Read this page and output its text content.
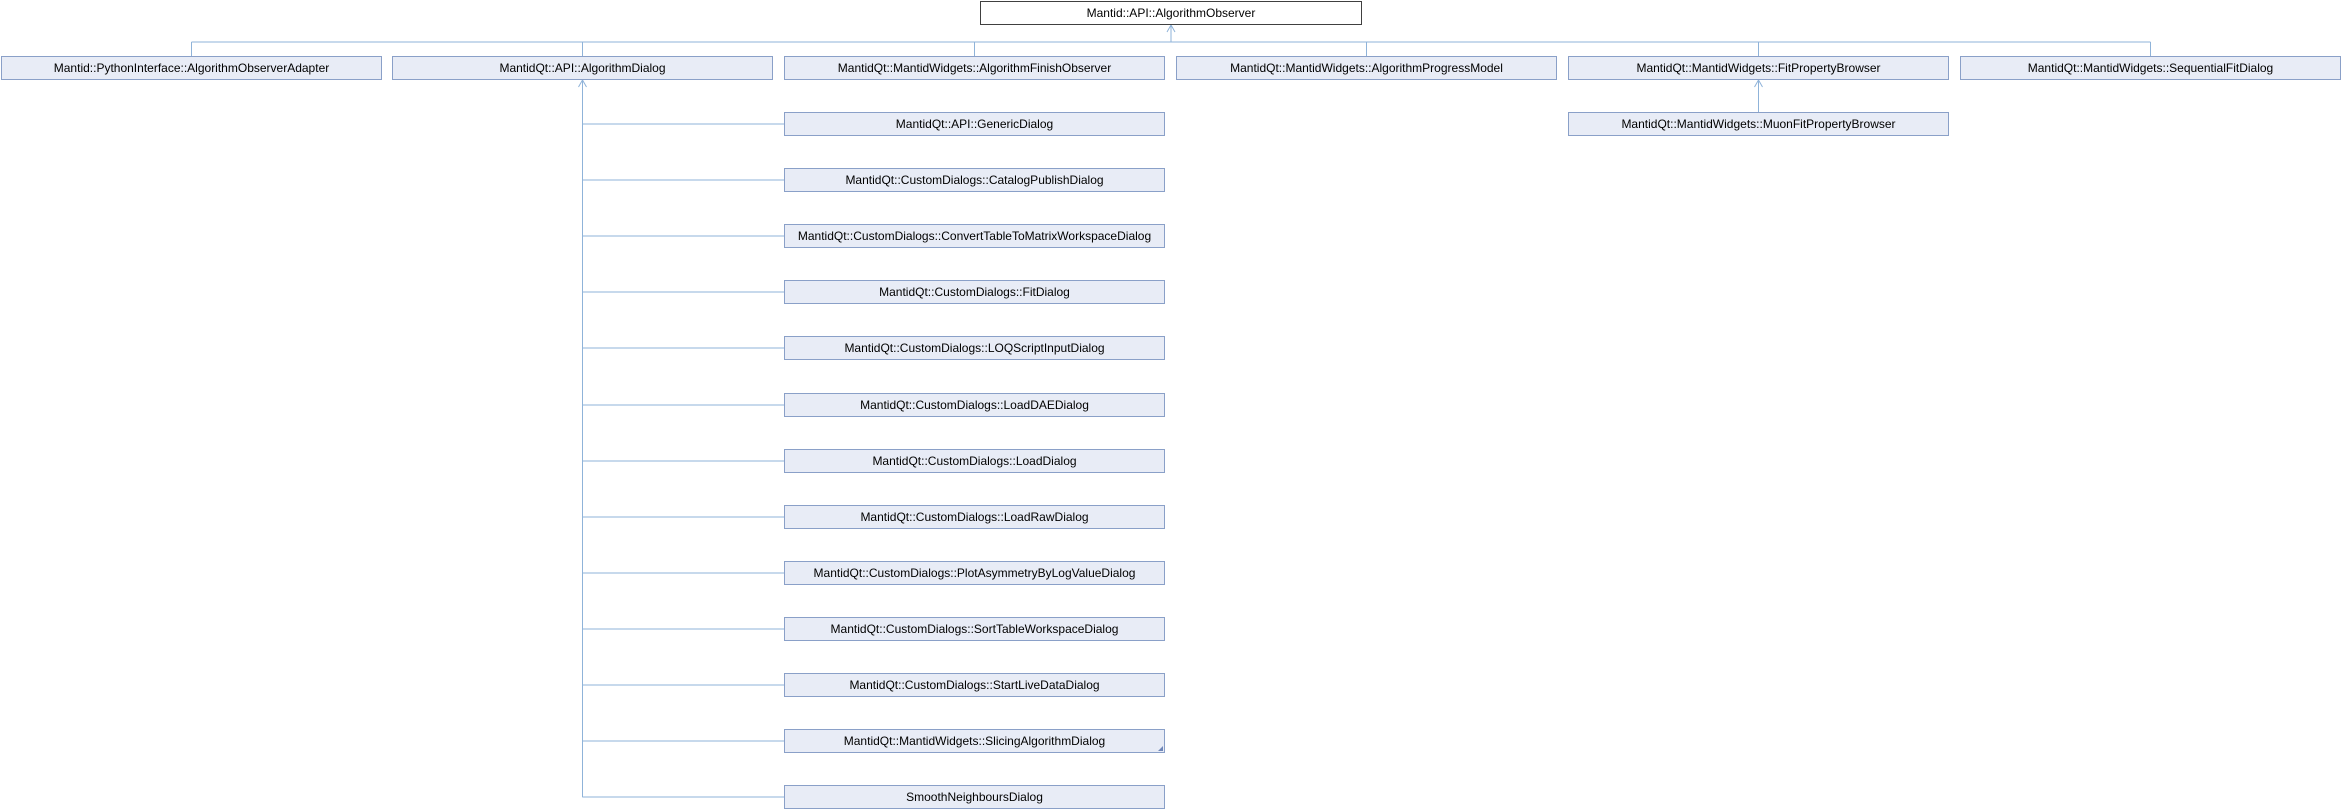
Mantid::API::AlgorithmObserver
Mantid::PythonInterface::AlgorithmObserverAdapter	MantidQt::API::AlgorithmDialog	MantidQt::MantidWidgets::AlgorithmFinishObserver	MantidQt::MantidWidgets::AlgorithmProgressModel	MantidQt::MantidWidgets::FitPropertyBrowser	MantidQt::MantidWidgets::SequentialFitDialog
MantidQt::API::GenericDialog
MantidQt::CustomDialogs::CatalogPublishDialog
MantidQt::CustomDialogs::ConvertTableToMatrixWorkspaceDialog
MantidQt::CustomDialogs::FitDialog
MantidQt::CustomDialogs::LOQScriptInputDialog
MantidQt::CustomDialogs::LoadDAEDialog
MantidQt::CustomDialogs::LoadDialog
MantidQt::CustomDialogs::LoadRawDialog
MantidQt::CustomDialogs::PlotAsymmetryByLogValueDialog
MantidQt::CustomDialogs::SortTableWorkspaceDialog
MantidQt::CustomDialogs::StartLiveDataDialog
MantidQt::MantidWidgets::SlicingAlgorithmDialog
SmoothNeighboursDialog
MantidQt::MantidWidgets::MuonFitPropertyBrowser
